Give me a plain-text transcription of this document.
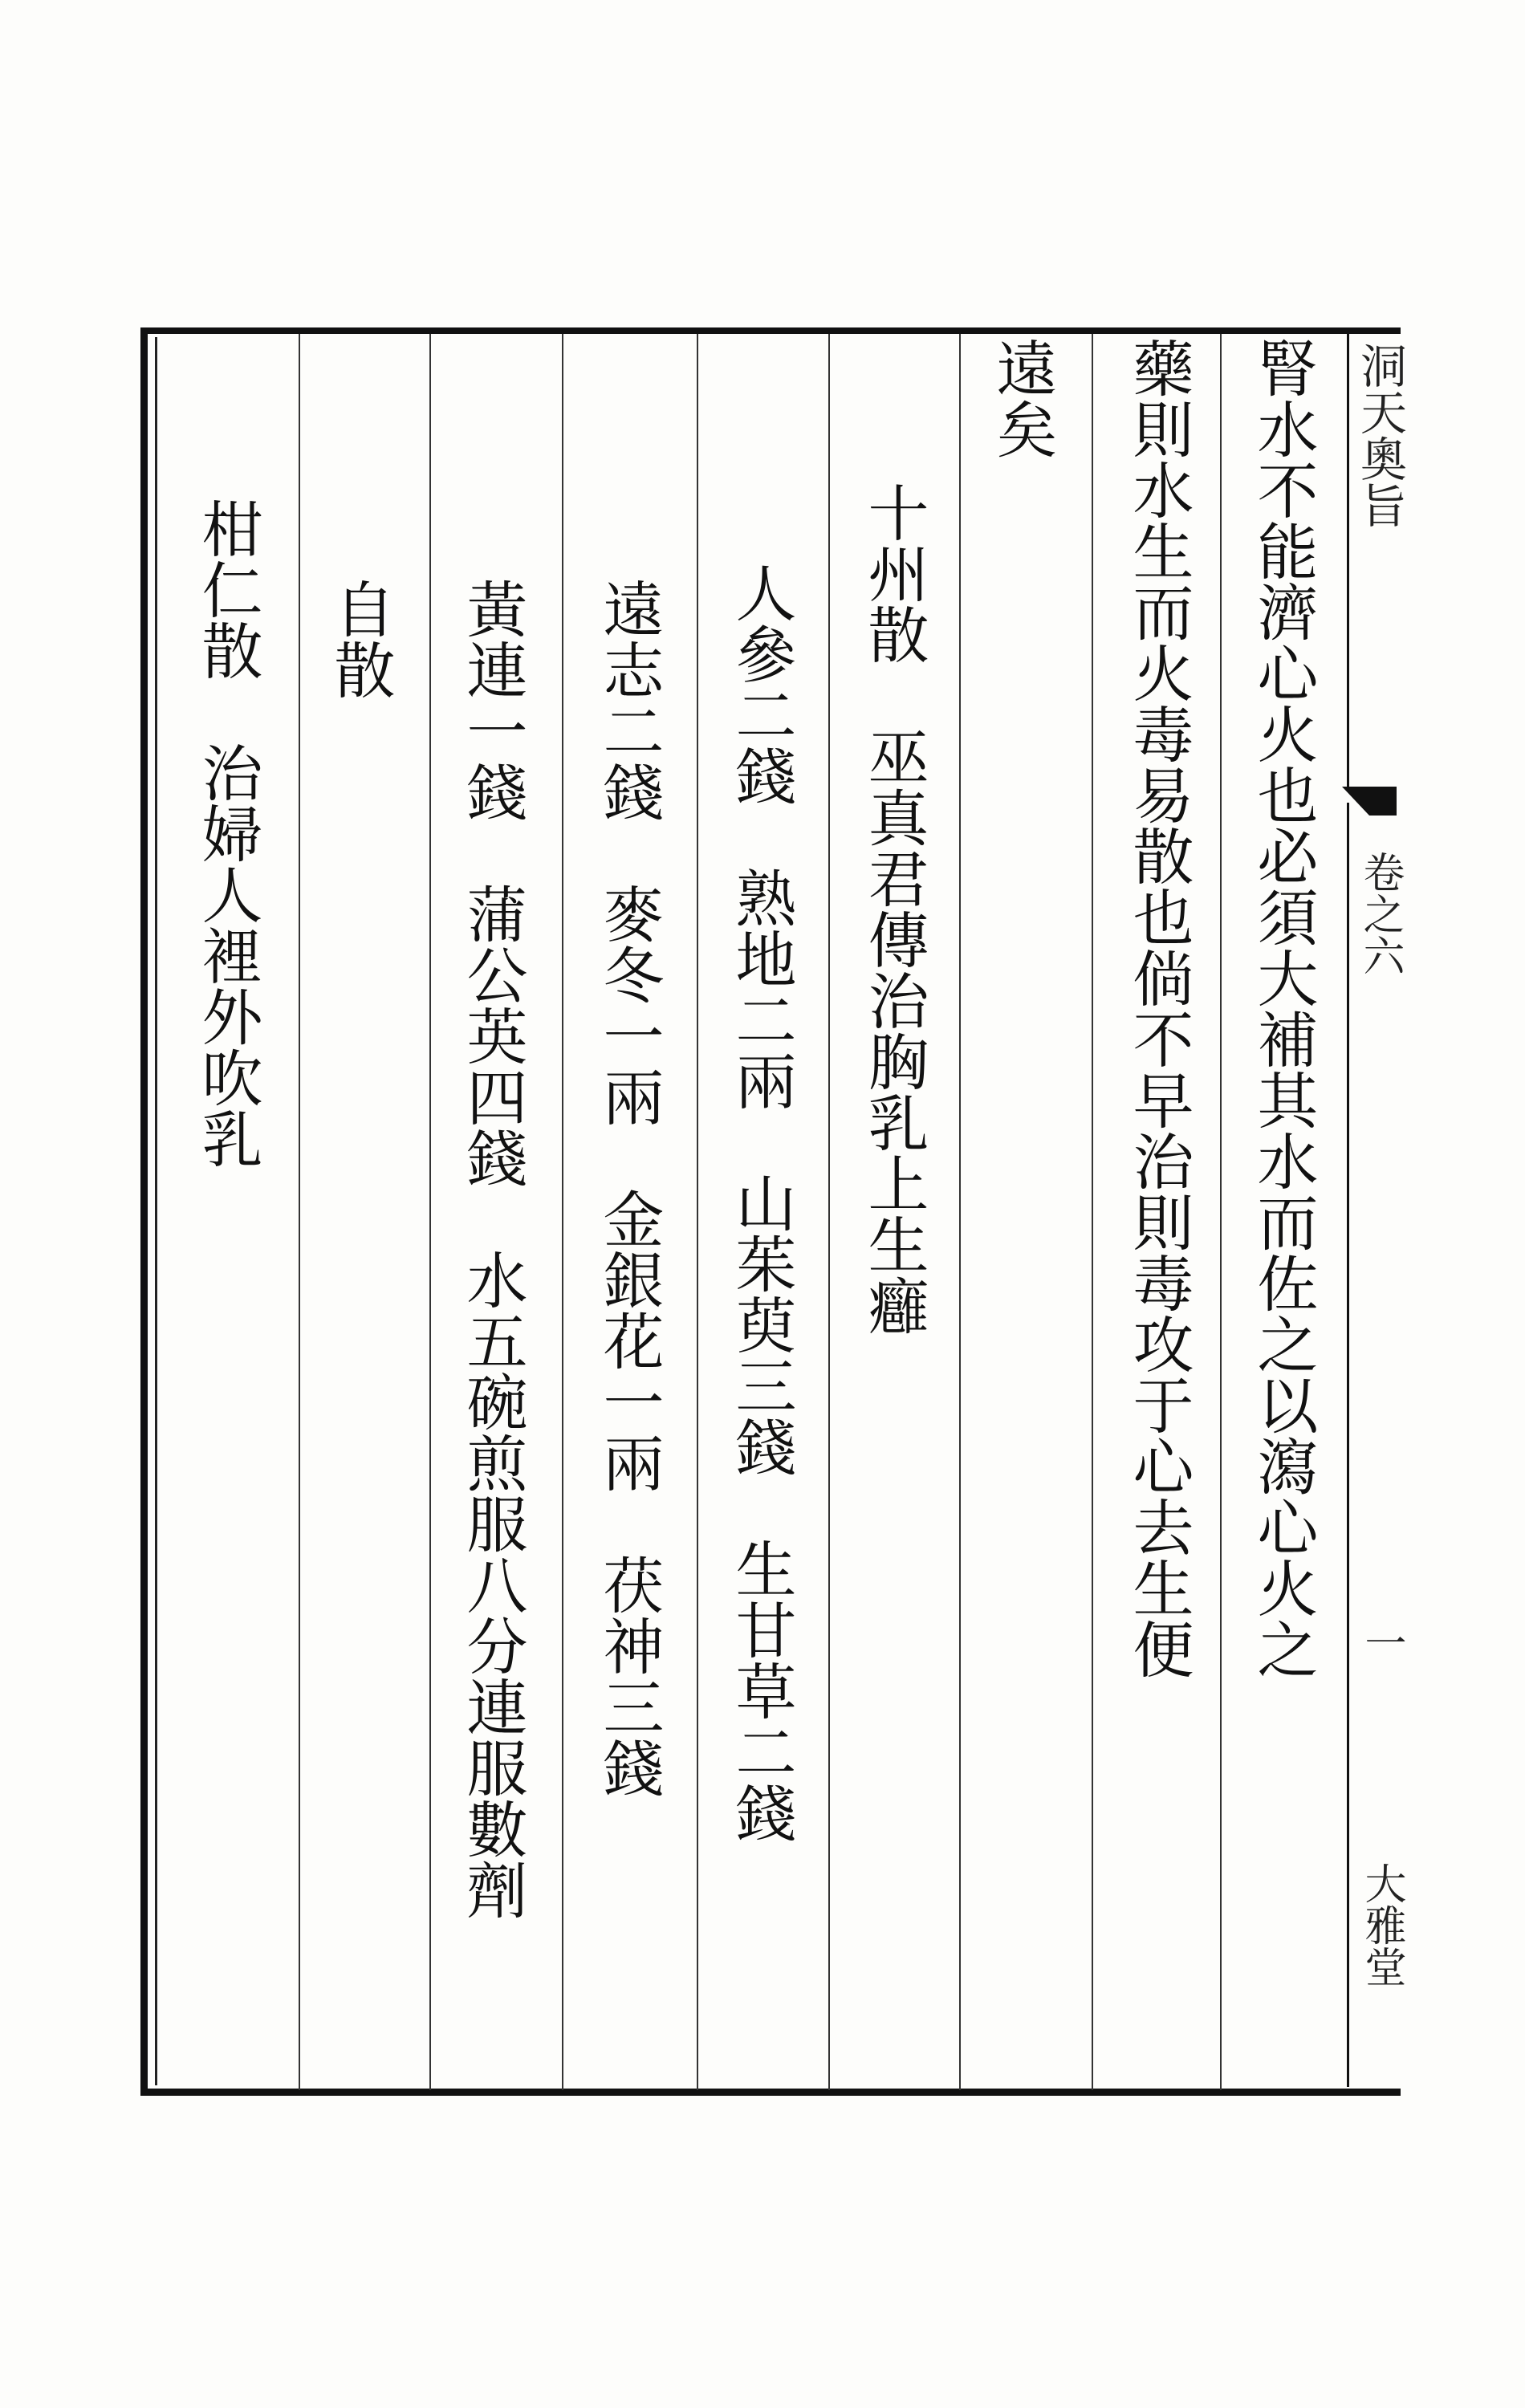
腎水不能濟心火也必須大補其水而佐之以瀉心火之
藥則水生而火毒易散也倘不早治則毒攻于心去生便
遠矣
十州散　巫真君傳治胸乳上生癰
人參二錢　熟地二兩　山茱萸三錢　生甘草二錢
遠志二錢　麥冬一兩　金銀花一兩　茯神三錢
黃連一錢　蒲公英四錢　水五碗煎服八分連服數劑
自散
柑仁散　治婦人裡外吹乳
洞天奧旨
卷之六
一
大雅堂
